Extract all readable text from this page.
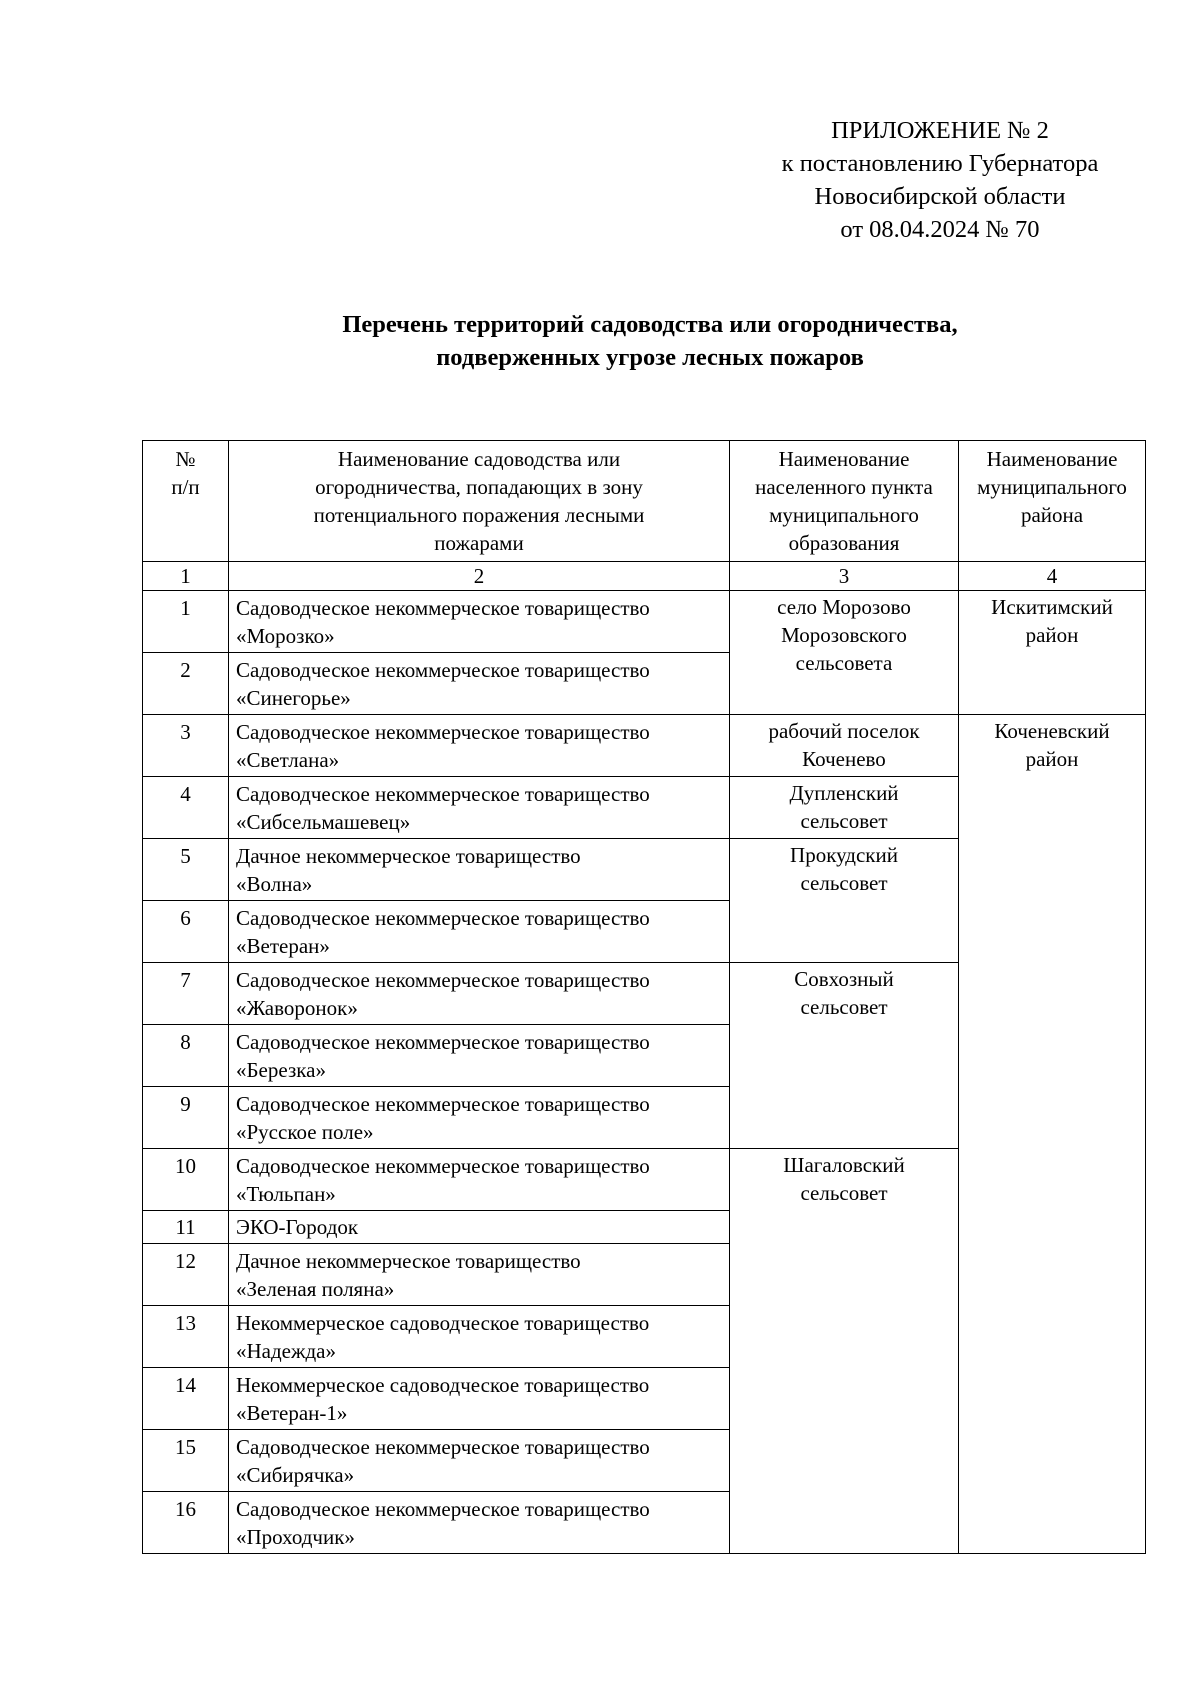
ПРИЛОЖЕНИЕ № 2
к постановлению Губернатора
Новосибирской области
от 08.04.2024 № 70
Перечень территорий садоводства или огородничества,
подверженных угрозе лесных пожаров
№
п/п	Наименование садоводства или
огородничества, попадающих в зону
потенциального поражения лесными
пожарами	Наименование
населенного пункта
муниципального
образования	Наименование
муниципального
района

1	2	3	4
1	Садоводческое некоммерческое товарищество
«Морозко»	село Морозово
Морозовского
сельсовета	Искитимский
район

2	Садоводческое некоммерческое товарищество
«Синегорье»		

3	Садоводческое некоммерческое товарищество
«Светлана»	рабочий поселок
Коченево	Коченевский
район

4	Садоводческое некоммерческое товарищество
«Сибсельмашевец»	Дупленский
сельсовет	

5	Дачное некоммерческое товарищество
«Волна»	Прокудский
сельсовет	

6	Садоводческое некоммерческое товарищество
«Ветеран»		

7	Садоводческое некоммерческое товарищество
«Жаворонок»	Совхозный
сельсовет	

8	Садоводческое некоммерческое товарищество
«Березка»		

9	Садоводческое некоммерческое товарищество
«Русское поле»		

10	Садоводческое некоммерческое товарищество
«Тюльпан»	Шагаловский
сельсовет	

11	ЭКО-Городок		

12	Дачное некоммерческое товарищество
«Зеленая поляна»		

13	Некоммерческое садоводческое товарищество
«Надежда»		

14	Некоммерческое садоводческое товарищество
«Ветеран-1»		

15	Садоводческое некоммерческое товарищество
«Сибирячка»		

16	Садоводческое некоммерческое товарищество
«Проходчик»		
